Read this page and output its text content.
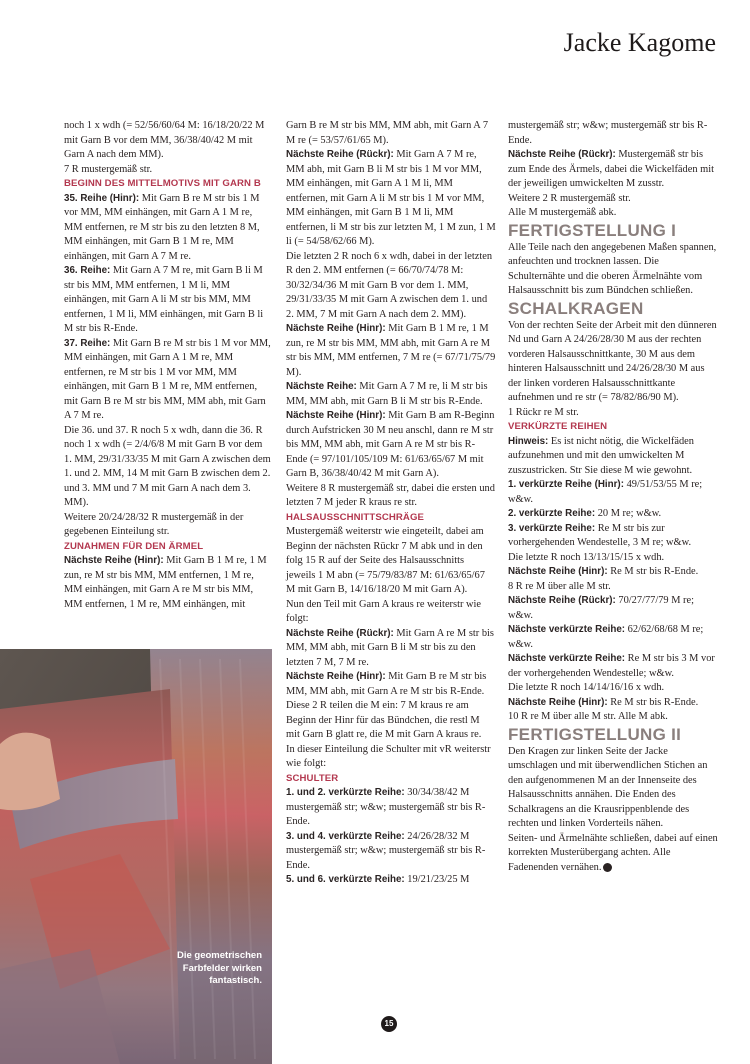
Jacke Kagome

noch 1 x wdh (= 52/56/60/64 M: 16/18/20/22 M mit Garn B vor dem MM, 36/38/40/42 M mit Garn A nach dem MM).

7 R mustergemäß str.

BEGINN DES MITTELMOTIVS MIT GARN B

35. Reihe (Hinr): Mit Garn B re M str bis 1 M vor MM, MM einhängen, mit Garn A 1 M re, MM entfernen, re M str bis zu den letzten 8 M, MM einhängen, mit Garn B 1 M re, MM einhängen, mit Garn A 7 M re.

36. Reihe: Mit Garn A 7 M re, mit Garn B li M str bis MM, MM entfernen, 1 M li, MM einhängen, mit Garn A li M str bis MM, MM entfernen, 1 M li, MM einhängen, mit Garn B li M str bis R-Ende.

37. Reihe: Mit Garn B re M str bis 1 M vor MM, MM einhängen, mit Garn A 1 M re, MM entfernen, re M str bis 1 M vor MM, MM einhängen, mit Garn B 1 M re, MM entfernen, mit Garn B re M str bis MM, MM abh, mit Garn A 7 M re.

Die 36. und 37. R noch 5 x wdh, dann die 36. R noch 1 x wdh (= 2/4/6/8 M mit Garn B vor dem 1. MM, 29/31/33/35 M mit Garn A zwischen dem 1. und 2. MM, 14 M mit Garn B zwischen dem 2. und 3. MM und 7 M mit Garn A nach dem 3. MM).

Weitere 20/24/28/32 R mustergemäß in der gegebenen Einteilung str.

ZUNAHMEN FÜR DEN ÄRMEL

Nächste Reihe (Hinr): Mit Garn B 1 M re, 1 M zun, re M str bis MM, MM entfernen, 1 M re, MM einhängen, mit Garn A re M str bis MM, MM entfernen, 1 M re, MM einhängen, mit

Garn B re M str bis MM, MM abh, mit Garn A 7 M re (= 53/57/61/65 M).

Nächste Reihe (Rückr): Mit Garn A 7 M re, MM abh, mit Garn B li M str bis 1 M vor MM, MM einhängen, mit Garn A 1 M li, MM entfernen, mit Garn A li M str bis 1 M vor MM, MM einhängen, mit Garn B 1 M li, MM entfernen, li M str bis zur letzten M, 1 M zun, 1 M li (= 54/58/62/66 M).

Die letzten 2 R noch 6 x wdh, dabei in der letzten R den 2. MM entfernen (= 66/70/74/78 M: 30/32/34/36 M mit Garn B vor dem 1. MM, 29/31/33/35 M mit Garn A zwischen dem 1. und 2. MM, 7 M mit Garn A nach dem 2. MM).

Nächste Reihe (Hinr): Mit Garn B 1 M re, 1 M zun, re M str bis MM, MM abh, mit Garn A re M str bis MM, MM entfernen, 7 M re (= 67/71/75/79 M).

Nächste Reihe: Mit Garn A 7 M re, li M str bis MM, MM abh, mit Garn B li M str bis R-Ende.

Nächste Reihe (Hinr): Mit Garn B am R-Beginn durch Aufstricken 30 M neu anschl, dann re M str bis MM, MM abh, mit Garn A re M str bis R-Ende (= 97/101/105/109 M: 61/63/65/67 M mit Garn B, 36/38/40/42 M mit Garn A).

Weitere 8 R mustergemäß str, dabei die ersten und letzten 7 M jeder R kraus re str.

HALSAUSSCHNITTSCHRÄGE

Mustergemäß weiterstr wie eingeteilt, dabei am Beginn der nächsten Rückr 7 M abk und in den folg 15 R auf der Seite des Halsausschnitts jeweils 1 M abn (= 75/79/83/87 M: 61/63/65/67 M mit Garn B, 14/16/18/20 M mit Garn A).

Nun den Teil mit Garn A kraus re weiterstr wie folgt:

Nächste Reihe (Rückr): Mit Garn A re M str bis MM, MM abh, mit Garn B li M str bis zu den letzten 7 M, 7 M re.

Nächste Reihe (Hinr): Mit Garn B re M str bis MM, MM abh, mit Garn A re M str bis R-Ende.

Diese 2 R teilen die M ein: 7 M kraus re am Beginn der Hinr für das Bündchen, die restl M mit Garn B glatt re, die M mit Garn A kraus re.

In dieser Einteilung die Schulter mit vR weiterstr wie folgt:

SCHULTER

1. und 2. verkürzte Reihe: 30/34/38/42 M mustergemäß str; w&w; mustergemäß str bis R-Ende.

3. und 4. verkürzte Reihe: 24/26/28/32 M mustergemäß str; w&w; mustergemäß str bis R-Ende.

5. und 6. verkürzte Reihe: 19/21/23/25 M

mustergemäß str; w&w; mustergemäß str bis R-Ende.

Nächste Reihe (Rückr): Mustergemäß str bis zum Ende des Ärmels, dabei die Wickelfäden mit der jeweiligen umwickelten M zusstr.

Weitere 2 R mustergemäß str.

Alle M mustergemäß abk.

FERTIGSTELLUNG I

Alle Teile nach den angegebenen Maßen spannen, anfeuchten und trocknen lassen. Die Schulternähte und die oberen Ärmelnähte vom Halsausschnitt bis zum Bündchen schließen.

SCHALKRAGEN

Von der rechten Seite der Arbeit mit den dünneren Nd und Garn A 24/26/28/30 M aus der rechten vorderen Halsausschnittkante, 30 M aus dem hinteren Halsausschnitt und 24/26/28/30 M aus der linken vorderen Halsausschnittkante aufnehmen und re str (= 78/82/86/90 M).

1 Rückr re M str.

VERKÜRZTE REIHEN

Hinweis: Es ist nicht nötig, die Wickelfäden aufzunehmen und mit den umwickelten M zuszustricken. Str Sie diese M wie gewohnt.

1. verkürzte Reihe (Hinr): 49/51/53/55 M re; w&w.

2. verkürzte Reihe: 20 M re; w&w.

3. verkürzte Reihe: Re M str bis zur vorhergehenden Wendestelle, 3 M re; w&w.

Die letzte R noch 13/13/15/15 x wdh.

Nächste Reihe (Hinr): Re M str bis R-Ende.

8 R re M über alle M str.

Nächste Reihe (Rückr): 70/27/77/79 M re; w&w.

Nächste verkürzte Reihe: 62/62/68/68 M re; w&w.

Nächste verkürzte Reihe: Re M str bis 3 M vor der vorhergehenden Wendestelle; w&w.

Die letzte R noch 14/14/16/16 x wdh.

Nächste Reihe (Hinr): Re M str bis R-Ende.

10 R re M über alle M str. Alle M abk.

FERTIGSTELLUNG II

Den Kragen zur linken Seite der Jacke umschlagen und mit überwendlichen Stichen an den aufgenommenen M an der Innenseite des Halsausschnitts annähen. Die Enden des Schalkragens an die Krausrippenblende des rechten und linken Vorderteils nähen.

Seiten- und Ärmelnähte schließen, dabei auf einen korrekten Musterübergang achten. Alle Fadenenden vernähen.

Die geometrischen Farbfelder wirken fantastisch.

15
